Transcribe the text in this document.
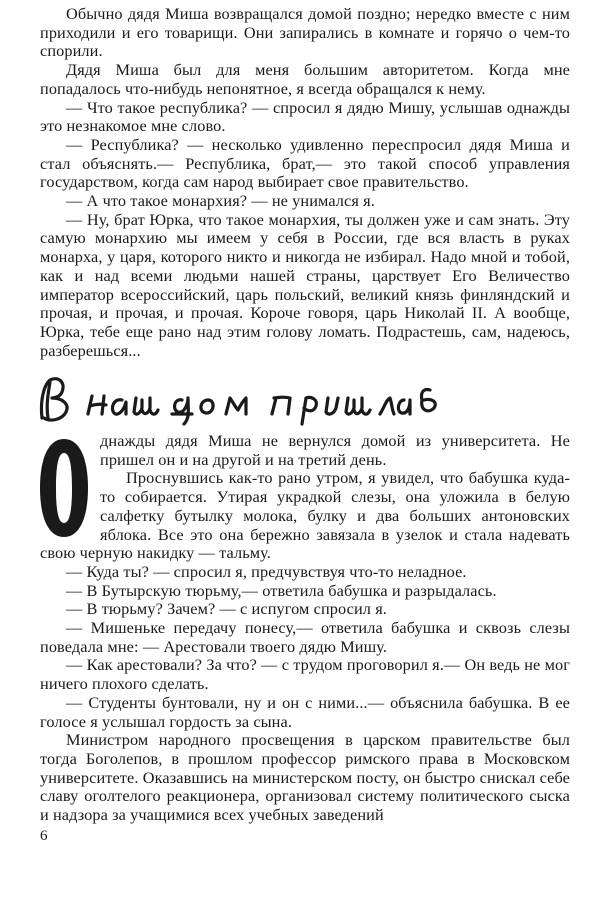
Обычно дядя Миша возвращался домой поздно; нередко вместе с ним приходили и его товарищи. Они запирались в комнате и горячо о чем-то спорили.

Дядя Миша был для меня большим авторитетом. Когда мне попадалось что-нибудь непонятное, я всегда обращался к нему.

— Что такое республика? — спросил я дядю Мишу, услышав однажды это незнакомое мне слово.

— Республика? — несколько удивленно переспросил дядя Миша и стал объяснять.— Республика, брат,— это такой способ управления государством, когда сам народ выбирает свое правительство.

— А что такое монархия? — не унимался я.

— Ну, брат Юрка, что такое монархия, ты должен уже и сам знать. Эту самую монархию мы имеем у себя в России, где вся власть в руках монарха, у царя, которого никто и никогда не избирал. Надо мной и тобой, как и над всеми людьми нашей страны, царствует Его Величество император всероссийский, царь польский, великий князь финляндский и прочая, и прочая, и прочая. Короче говоря, царь Николай II. А вообще, Юрка, тебе еще рано над этим голову ломать. Подрастешь, сам, надеюсь, разберешься...

днажды дядя Миша не вернулся домой из университета. Не пришел он и на другой и на третий день.

Проснувшись как-то рано утром, я увидел, что бабушка куда-то собирается. Утирая украдкой слезы, она уложила в белую салфетку бутылку молока, булку и два больших антоновских яблока. Все это она бережно завязала в узелок и стала надевать свою черную накидку — тальму.

— Куда ты? — спросил я, предчувствуя что-то неладное.

— В Бутырскую тюрьму,— ответила бабушка и разрыдалась.

— В тюрьму? Зачем? — с испугом спросил я.

— Мишеньке передачу понесу,— ответила бабушка и сквозь слезы поведала мне: — Арестовали твоего дядю Мишу.

— Как арестовали? За что? — с трудом проговорил я.— Он ведь не мог ничего плохого сделать.

— Студенты бунтовали, ну и он с ними...— объяснила бабушка. В ее голосе я услышал гордость за сына.

Министром народного просвещения в царском правительстве был тогда Боголепов, в прошлом профессор римского права в Московском университете. Оказавшись на министерском посту, он быстро снискал себе славу оголтелого реакционера, организовал систему политического сыска и надзора за учащимися всех учебных заведений

6
